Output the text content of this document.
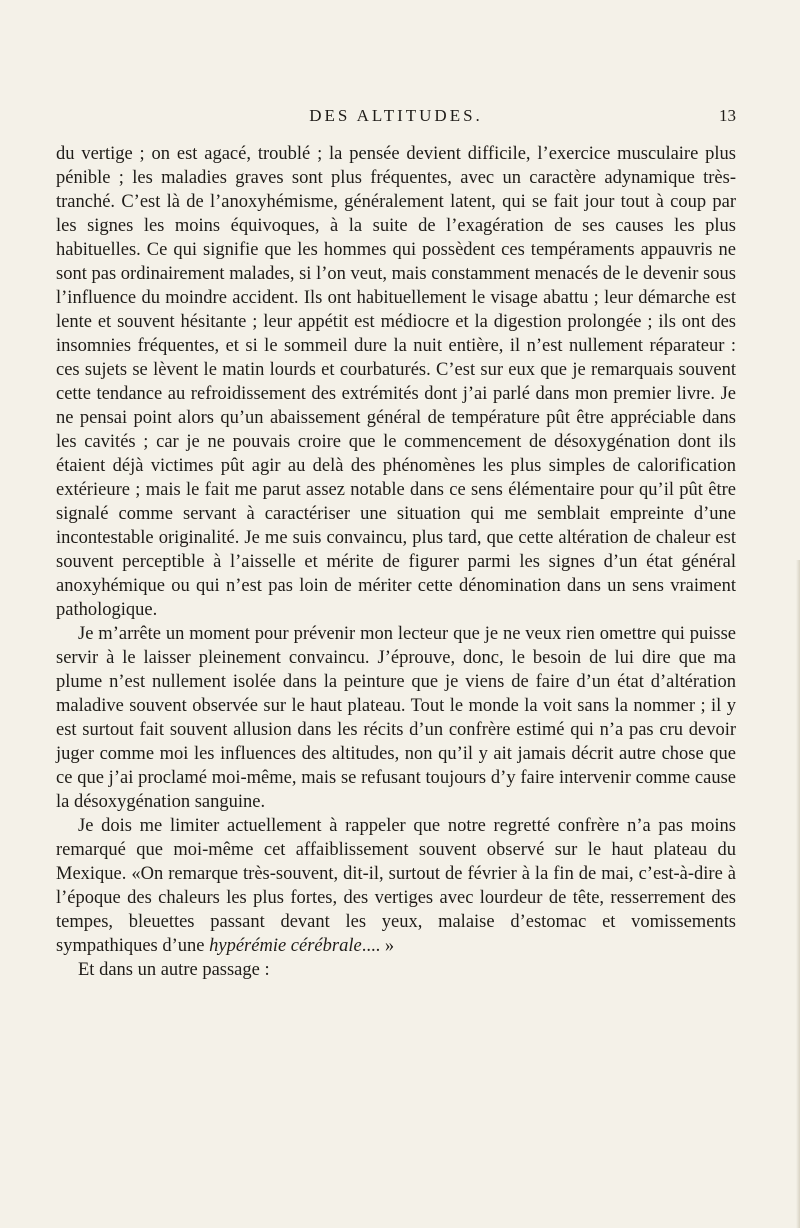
DES ALTITUDES.	13

du vertige ; on est agacé, troublé ; la pensée devient difficile, l’exercice musculaire plus pénible ; les maladies graves sont plus fréquentes, avec un caractère adynamique très-tranché. C’est là de l’anoxyhémisme, généralement latent, qui se fait jour tout à coup par les signes les moins équivoques, à la suite de l’exagération de ses causes les plus habituelles. Ce qui signifie que les hommes qui possèdent ces tempéraments appauvris ne sont pas ordinairement malades, si l’on veut, mais constamment menacés de le devenir sous l’influence du moindre accident. Ils ont habituellement le visage abattu ; leur démarche est lente et souvent hésitante ; leur appétit est médiocre et la digestion prolongée ; ils ont des insomnies fréquentes, et si le sommeil dure la nuit entière, il n’est nullement réparateur : ces sujets se lèvent le matin lourds et courbaturés. C’est sur eux que je remarquais souvent cette tendance au refroidissement des extrémités dont j’ai parlé dans mon premier livre. Je ne pensai point alors qu’un abaissement général de température pût être appréciable dans les cavités ; car je ne pouvais croire que le commencement de désoxygénation dont ils étaient déjà victimes pût agir au delà des phénomènes les plus simples de calorification extérieure ; mais le fait me parut assez notable dans ce sens élémentaire pour qu’il pût être signalé comme servant à caractériser une situation qui me semblait empreinte d’une incontestable originalité. Je me suis convaincu, plus tard, que cette altération de chaleur est souvent perceptible à l’aisselle et mérite de figurer parmi les signes d’un état général anoxyhémique ou qui n’est pas loin de mériter cette dénomination dans un sens vraiment pathologique.

Je m’arrête un moment pour prévenir mon lecteur que je ne veux rien omettre qui puisse servir à le laisser pleinement convaincu. J’éprouve, donc, le besoin de lui dire que ma plume n’est nullement isolée dans la peinture que je viens de faire d’un état d’altération maladive souvent observée sur le haut plateau. Tout le monde la voit sans la nommer ; il y est surtout fait souvent allusion dans les récits d’un confrère estimé qui n’a pas cru devoir juger comme moi les influences des altitudes, non qu’il y ait jamais décrit autre chose que ce que j’ai proclamé moi-même, mais se refusant toujours d’y faire intervenir comme cause la désoxygénation sanguine.

Je dois me limiter actuellement à rappeler que notre regretté confrère n’a pas moins remarqué que moi-même cet affaiblissement souvent observé sur le haut plateau du Mexique. «On remarque très-souvent, dit-il, surtout de février à la fin de mai, c’est-à-dire à l’époque des chaleurs les plus fortes, des vertiges avec lourdeur de tête, resserrement des tempes, bleuettes passant devant les yeux, malaise d’estomac et vomissements sympathiques d’une hypérémie cérébrale.... »

Et dans un autre passage :
